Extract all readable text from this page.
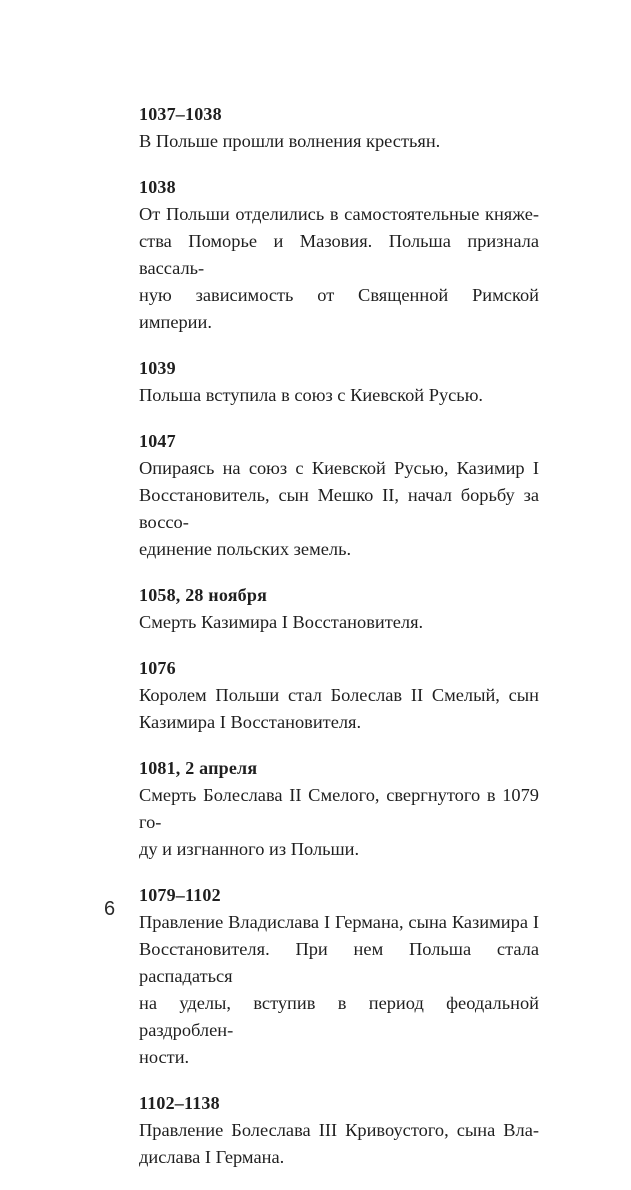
1037–1038
В Польше прошли волнения крестьян.
1038
От Польши отделились в самостоятельные княже-
ства Поморье и Мазовия. Польша признала вассаль-
ную зависимость от Священной Римской империи.
1039
Польша вступила в союз с Киевской Русью.
1047
Опираясь на союз с Киевской Русью, Казимир I
Восстановитель, сын Мешко II, начал борьбу за воссо-
единение польских земель.
1058, 28 ноября
Смерть Казимира I Восстановителя.
1076
Королем Польши стал Болеслав II Смелый, сын
Казимира I Восстановителя.
1081, 2 апреля
Смерть Болеслава II Смелого, свергнутого в 1079 го-
ду и изгнанного из Польши.
1079–1102
Правление Владислава I Германа, сына Казимира I
Восстановителя. При нем Польша стала распадаться
на уделы, вступив в период феодальной раздроблен-
ности.
1102–1138
Правление Болеслава III Кривоустого, сына Вла-
дислава I Германа.
6
